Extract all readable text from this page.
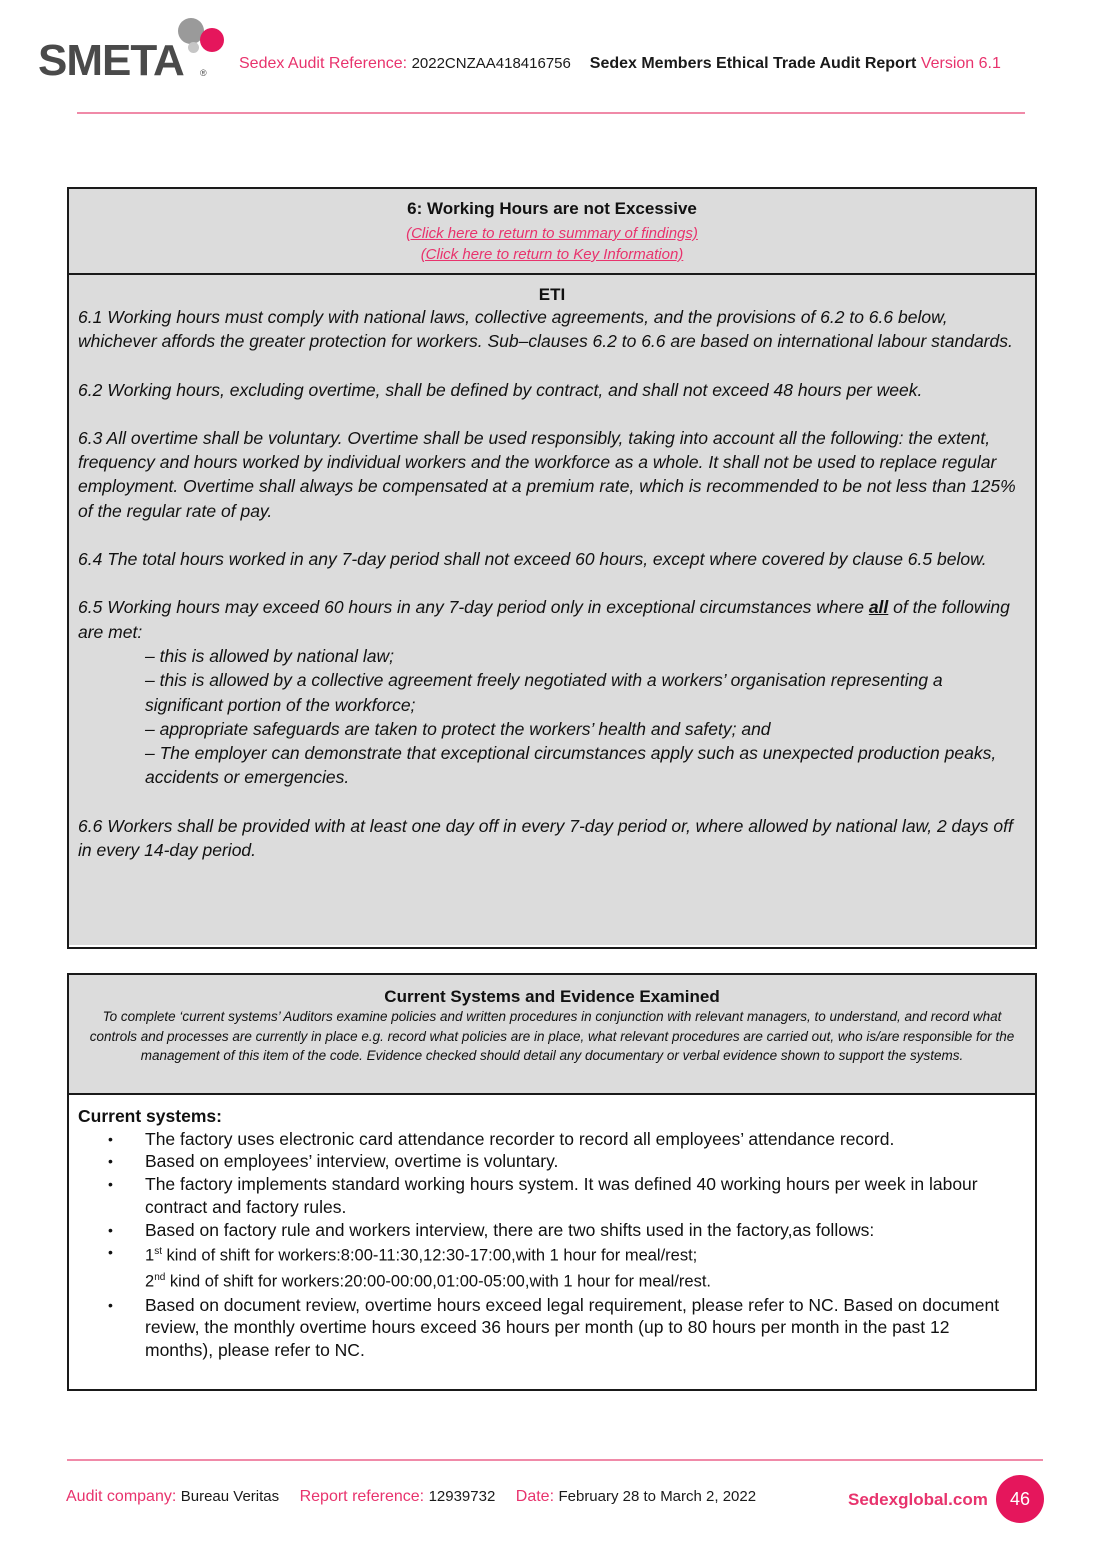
SMETA ®
Sedex Audit Reference: 2022CNZAA418416756 Sedex Members Ethical Trade Audit Report Version 6.1
6: Working Hours are not Excessive
(Click here to return to summary of findings)
(Click here to return to Key Information)
ETI

6.1 Working hours must comply with national laws, collective agreements, and the provisions of 6.2 to 6.6 below, whichever affords the greater protection for workers. Sub–clauses 6.2 to 6.6 are based on international labour standards.

6.2 Working hours, excluding overtime, shall be defined by contract, and shall not exceed 48 hours per week.

6.3 All overtime shall be voluntary. Overtime shall be used responsibly, taking into account all the following: the extent, frequency and hours worked by individual workers and the workforce as a whole. It shall not be used to replace regular employment. Overtime shall always be compensated at a premium rate, which is recommended to be not less than 125% of the regular rate of pay.

6.4 The total hours worked in any 7-day period shall not exceed 60 hours, except where covered by clause 6.5 below.

6.5 Working hours may exceed 60 hours in any 7-day period only in exceptional circumstances where all of the following are met:

– this is allowed by national law;
– this is allowed by a collective agreement freely negotiated with a workers’ organisation representing a significant portion of the workforce;
– appropriate safeguards are taken to protect the workers’ health and safety; and
– The employer can demonstrate that exceptional circumstances apply such as unexpected production peaks, accidents or emergencies.

6.6 Workers shall be provided with at least one day off in every 7-day period or, where allowed by national law, 2 days off in every 14-day period.

Current Systems and Evidence Examined
To complete ‘current systems’ Auditors examine policies and written procedures in conjunction with relevant managers, to understand, and record what controls and processes are currently in place e.g. record what policies are in place, what relevant procedures are carried out, who is/are responsible for the management of this item of the code. Evidence checked should detail any documentary or verbal evidence shown to support the systems.
Current systems:
• The factory uses electronic card attendance recorder to record all employees’ attendance record.
• Based on employees’ interview, overtime is voluntary.
• The factory implements standard working hours system. It was defined 40 working hours per week in labour contract and factory rules.
• Based on factory rule and workers interview, there are two shifts used in the factory,as follows:
• 1st kind of shift for workers:8:00-11:30,12:30-17:00,with 1 hour for meal/rest;
2nd kind of shift for workers:20:00-00:00,01:00-05:00,with 1 hour for meal/rest.
• Based on document review, overtime hours exceed legal requirement, please refer to NC. Based on document review, the monthly overtime hours exceed 36 hours per month (up to 80 hours per month in the past 12 months), please refer to NC.
Audit company: Bureau Veritas Report reference: 12939732 Date: February 28 to March 2, 2022	Sedexglobal.com	46
